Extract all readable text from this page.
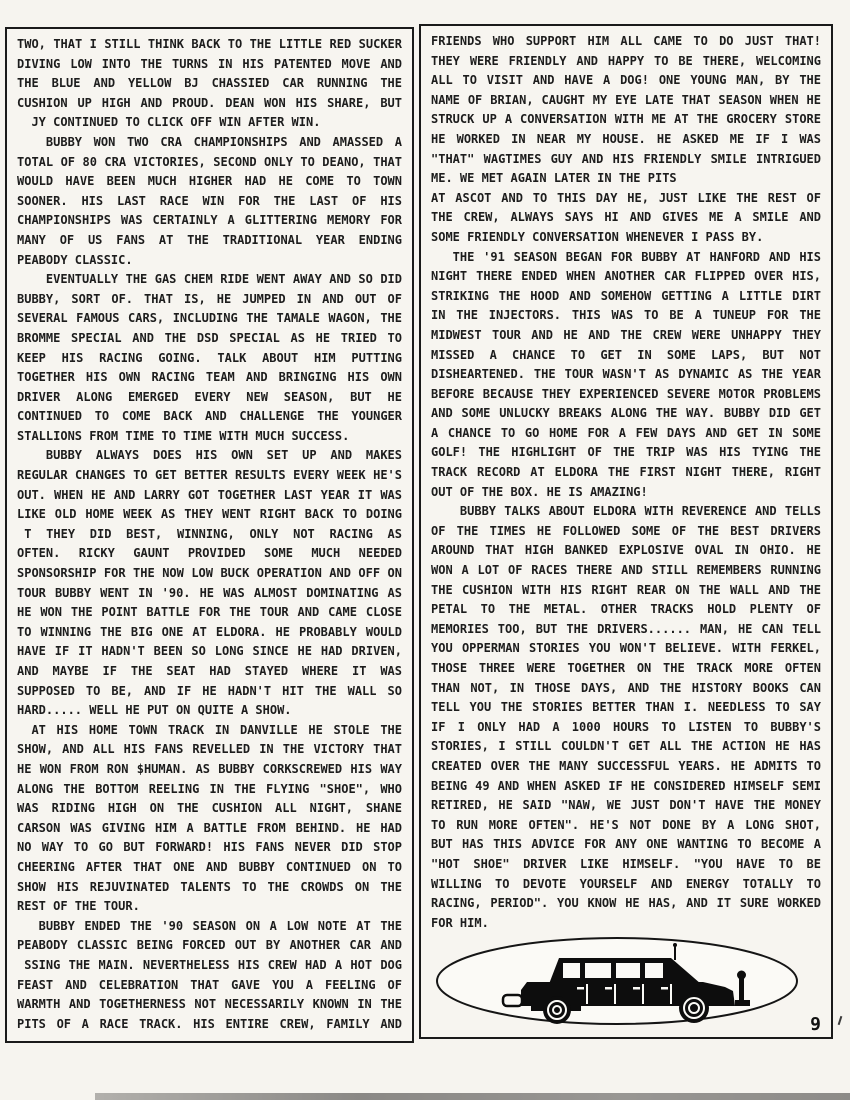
TWO, THAT I STILL THINK BACK TO THE LITTLE RED SUCKER
DIVING LOW INTO THE TURNS IN HIS PATENTED MOVE AND
THE BLUE AND YELLOW BJ CHASSIED CAR RUNNING THE
CUSHION UP HIGH AND PROUD. DEAN WON HIS SHARE, BUT
JY CONTINUED TO CLICK OFF WIN AFTER WIN.
BUBBY WON TWO CRA CHAMPIONSHIPS AND AMASSED A
TOTAL OF 80 CRA VICTORIES, SECOND ONLY TO DEANO, THAT
WOULD HAVE BEEN MUCH HIGHER HAD HE COME TO TOWN
SOONER. HIS LAST RACE WIN FOR THE LAST OF HIS
CHAMPIONSHIPS WAS CERTAINLY A GLITTERING MEMORY FOR
MANY OF US FANS AT THE TRADITIONAL YEAR ENDING
PEABODY CLASSIC.
EVENTUALLY THE GAS CHEM RIDE WENT AWAY AND SO DID
BUBBY, SORT OF. THAT IS, HE JUMPED IN AND OUT OF
SEVERAL FAMOUS CARS, INCLUDING THE TAMALE WAGON, THE
BROMME SPECIAL AND THE DSD SPECIAL AS HE TRIED TO
KEEP HIS RACING GOING. TALK ABOUT HIM PUTTING
TOGETHER HIS OWN RACING TEAM AND BRINGING HIS OWN
DRIVER ALONG EMERGED EVERY NEW SEASON, BUT HE
CONTINUED TO COME BACK AND CHALLENGE THE YOUNGER
STALLIONS FROM TIME TO TIME WITH MUCH SUCCESS.
BUBBY ALWAYS DOES HIS OWN SET UP AND MAKES
REGULAR CHANGES TO GET BETTER RESULTS EVERY WEEK HE'S
OUT. WHEN HE AND LARRY GOT TOGETHER LAST YEAR IT WAS
LIKE OLD HOME WEEK AS THEY WENT RIGHT BACK TO DOING
T THEY DID BEST, WINNING, ONLY NOT RACING AS
OFTEN. RICKY GAUNT PROVIDED SOME MUCH NEEDED
SPONSORSHIP FOR THE NOW LOW BUCK OPERATION AND OFF ON
TOUR BUBBY WENT IN '90. HE WAS ALMOST DOMINATING AS
HE WON THE POINT BATTLE FOR THE TOUR AND CAME CLOSE
TO WINNING THE BIG ONE AT ELDORA. HE PROBABLY WOULD
HAVE IF IT HADN'T BEEN SO LONG SINCE HE HAD DRIVEN,
AND MAYBE IF THE SEAT HAD STAYED WHERE IT WAS
SUPPOSED TO BE, AND IF HE HADN'T HIT THE WALL SO
HARD..... WELL HE PUT ON QUITE A SHOW.
AT HIS HOME TOWN TRACK IN DANVILLE HE STOLE THE
SHOW, AND ALL HIS FANS REVELLED IN THE VICTORY THAT
HE WON FROM RON $HUMAN. AS BUBBY CORKSCREWED HIS WAY
ALONG THE BOTTOM REELING IN THE FLYING "SHOE", WHO
WAS RIDING HIGH ON THE CUSHION ALL NIGHT, SHANE
CARSON WAS GIVING HIM A BATTLE FROM BEHIND. HE HAD
NO WAY TO GO BUT FORWARD! HIS FANS NEVER DID STOP
CHEERING AFTER THAT ONE AND BUBBY CONTINUED ON TO
SHOW HIS REJUVINATED TALENTS TO THE CROWDS ON THE
REST OF THE TOUR.
BUBBY ENDED THE '90 SEASON ON A LOW NOTE AT THE
PEABODY CLASSIC BEING FORCED OUT BY ANOTHER CAR AND
SSING THE MAIN. NEVERTHELESS HIS CREW HAD A HOT DOG
FEAST AND CELEBRATION THAT GAVE YOU A FEELING OF
WARMTH AND TOGETHERNESS NOT NECESSARILY KNOWN IN THE
PITS OF A RACE TRACK. HIS ENTIRE CREW, FAMILY AND
FRIENDS WHO SUPPORT HIM ALL CAME TO DO JUST THAT!
THEY WERE FRIENDLY AND HAPPY TO BE THERE, WELCOMING
ALL TO VISIT AND HAVE A DOG! ONE YOUNG MAN, BY THE
NAME OF BRIAN, CAUGHT MY EYE LATE THAT SEASON WHEN HE
STRUCK UP A CONVERSATION WITH ME AT THE GROCERY STORE
HE WORKED IN NEAR MY HOUSE. HE ASKED ME IF I WAS
"THAT" WAGTIMES GUY AND HIS FRIENDLY SMILE INTRIGUED
ME. WE MET AGAIN LATER IN THE PITS
AT ASCOT AND TO THIS DAY HE, JUST LIKE THE REST OF
THE CREW, ALWAYS SAYS HI AND GIVES ME A SMILE AND
SOME FRIENDLY CONVERSATION WHENEVER I PASS BY.
THE '91 SEASON BEGAN FOR BUBBY AT HANFORD AND HIS
NIGHT THERE ENDED WHEN ANOTHER CAR FLIPPED OVER HIS,
STRIKING THE HOOD AND SOMEHOW GETTING A LITTLE DIRT
IN THE INJECTORS. THIS WAS TO BE A TUNEUP FOR THE
MIDWEST TOUR AND HE AND THE CREW WERE UNHAPPY THEY
MISSED A CHANCE TO GET IN SOME LAPS, BUT NOT
DISHEARTENED. THE TOUR WASN'T AS DYNAMIC AS THE YEAR
BEFORE BECAUSE THEY EXPERIENCED SEVERE MOTOR PROBLEMS
AND SOME UNLUCKY BREAKS ALONG THE WAY. BUBBY DID GET
A CHANCE TO GO HOME FOR A FEW DAYS AND GET IN SOME
GOLF! THE HIGHLIGHT OF THE TRIP WAS HIS TYING THE
TRACK RECORD AT ELDORA THE FIRST NIGHT THERE, RIGHT
OUT OF THE BOX. HE IS AMAZING!
BUBBY TALKS ABOUT ELDORA WITH REVERENCE AND TELLS
OF THE TIMES HE FOLLOWED SOME OF THE BEST DRIVERS
AROUND THAT HIGH BANKED EXPLOSIVE OVAL IN OHIO. HE
WON A LOT OF RACES THERE AND STILL REMEMBERS RUNNING
THE CUSHION WITH HIS RIGHT REAR ON THE WALL AND THE
PETAL TO THE METAL. OTHER TRACKS HOLD PLENTY OF
MEMORIES TOO, BUT THE DRIVERS...... MAN, HE CAN TELL
YOU OPPERMAN STORIES YOU WON'T BELIEVE. WITH FERKEL,
THOSE THREE WERE TOGETHER ON THE TRACK MORE OFTEN
THAN NOT, IN THOSE DAYS, AND THE HISTORY BOOKS CAN
TELL YOU THE STORIES BETTER THAN I. NEEDLESS TO SAY
IF I ONLY HAD A 1000 HOURS TO LISTEN TO BUBBY'S
STORIES, I STILL COULDN'T GET ALL THE ACTION HE HAS
CREATED OVER THE MANY SUCCESSFUL YEARS. HE ADMITS TO
BEING 49 AND WHEN ASKED IF HE CONSIDERED HIMSELF SEMI
RETIRED, HE SAID "NAW, WE JUST DON'T HAVE THE MONEY
TO RUN MORE OFTEN". HE'S NOT DONE BY A LONG SHOT,
BUT HAS THIS ADVICE FOR ANY ONE WANTING TO BECOME A
"HOT SHOE" DRIVER LIKE HIMSELF. "YOU HAVE TO BE
WILLING TO DEVOTE YOURSELF AND ENERGY TOTALLY TO
RACING, PERIOD". YOU KNOW HE HAS, AND IT SURE WORKED
FOR HIM.
9
